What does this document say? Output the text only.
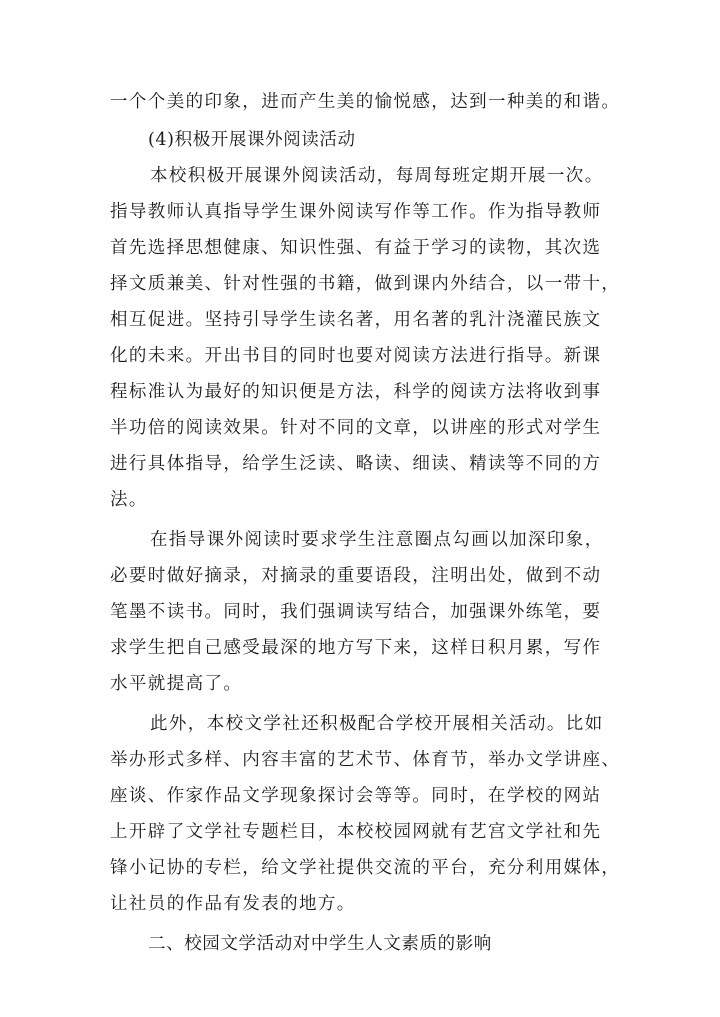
一个个美的印象，进而产生美的愉悦感，达到一种美的和谐。
(4)积极开展课外阅读活动
本校积极开展课外阅读活动，每周每班定期开展一次。
指导教师认真指导学生课外阅读写作等工作。作为指导教师
首先选择思想健康、知识性强、有益于学习的读物，其次选
择文质兼美、针对性强的书籍，做到课内外结合，以一带十，
相互促进。坚持引导学生读名著，用名著的乳汁浇灌民族文
化的未来。开出书目的同时也要对阅读方法进行指导。新课
程标准认为最好的知识便是方法，科学的阅读方法将收到事
半功倍的阅读效果。针对不同的文章，以讲座的形式对学生
进行具体指导，给学生泛读、略读、细读、精读等不同的方
法。
在指导课外阅读时要求学生注意圈点勾画以加深印象，
必要时做好摘录，对摘录的重要语段，注明出处，做到不动
笔墨不读书。同时，我们强调读写结合，加强课外练笔，要
求学生把自己感受最深的地方写下来，这样日积月累，写作
水平就提高了。
此外，本校文学社还积极配合学校开展相关活动。比如
举办形式多样、内容丰富的艺术节、体育节，举办文学讲座、
座谈、作家作品文学现象探讨会等等。同时，在学校的网站
上开辟了文学社专题栏目，本校校园网就有艺宫文学社和先
锋小记协的专栏，给文学社提供交流的平台，充分利用媒体，
让社员的作品有发表的地方。
二、校园文学活动对中学生人文素质的影响
